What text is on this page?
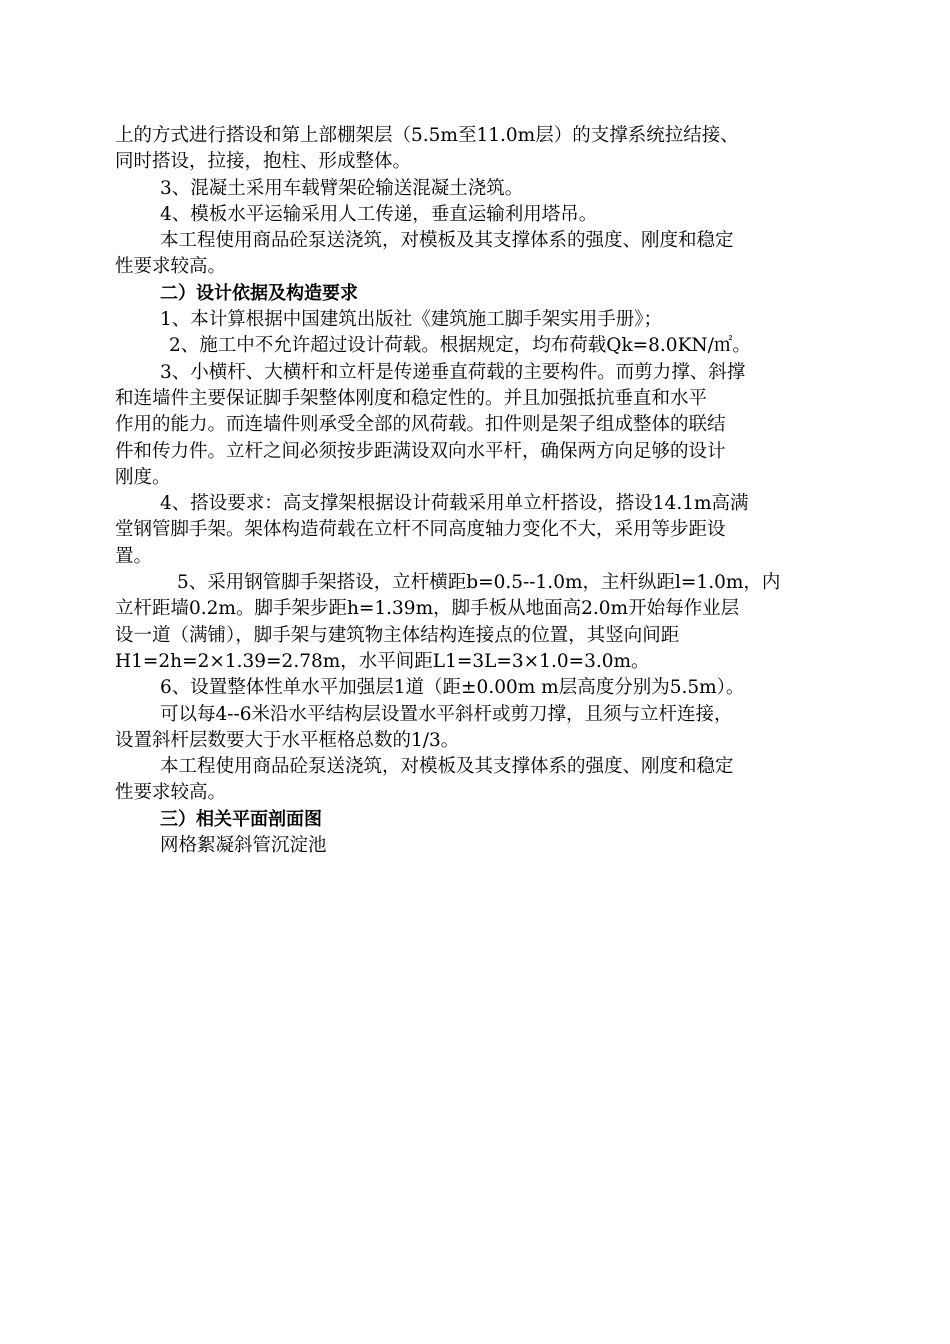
上的方式进行搭设和第上部棚架层（5.5m至11.0m层）的支撑系统拉结接、
同时搭设，拉接，抱柱、形成整体。
3、混凝土采用车载臂架砼输送混凝土浇筑。
4、模板水平运输采用人工传递，垂直运输利用塔吊。
本工程使用商品砼泵送浇筑，对模板及其支撑体系的强度、刚度和稳定
性要求较高。
二）设计依据及构造要求
1、本计算根据中国建筑出版社《建筑施工脚手架实用手册》；
2、施工中不允许超过设计荷载。根据规定，均布荷载Qk=8.0KN/㎡。
3、小横杆、大横杆和立杆是传递垂直荷载的主要构件。而剪力撑、斜撑
和连墙件主要保证脚手架整体刚度和稳定性的。并且加强抵抗垂直和水平
作用的能力。而连墙件则承受全部的风荷载。扣件则是架子组成整体的联结
件和传力件。立杆之间必须按步距满设双向水平杆，确保两方向足够的设计
刚度。
4、搭设要求：高支撑架根据设计荷载采用单立杆搭设，搭设14.1m高满
堂钢管脚手架。架体构造荷载在立杆不同高度轴力变化不大，采用等步距设
置。
5、采用钢管脚手架搭设，立杆横距b=0.5--1.0m，主杆纵距l=1.0m，内
立杆距墙0.2m。脚手架步距h=1.39m，脚手板从地面高2.0m开始每作业层
设一道（满铺），脚手架与建筑物主体结构连接点的位置，其竖向间距
H1=2h=2×1.39=2.78m，水平间距L1=3L=3×1.0=3.0m。
6、设置整体性单水平加强层1道（距±0.00m m层高度分别为5.5m）。
可以每4--6米沿水平结构层设置水平斜杆或剪刀撑，且须与立杆连接，
设置斜杆层数要大于水平框格总数的1/3。
本工程使用商品砼泵送浇筑，对模板及其支撑体系的强度、刚度和稳定
性要求较高。
三）相关平面剖面图
网格絮凝斜管沉淀池
